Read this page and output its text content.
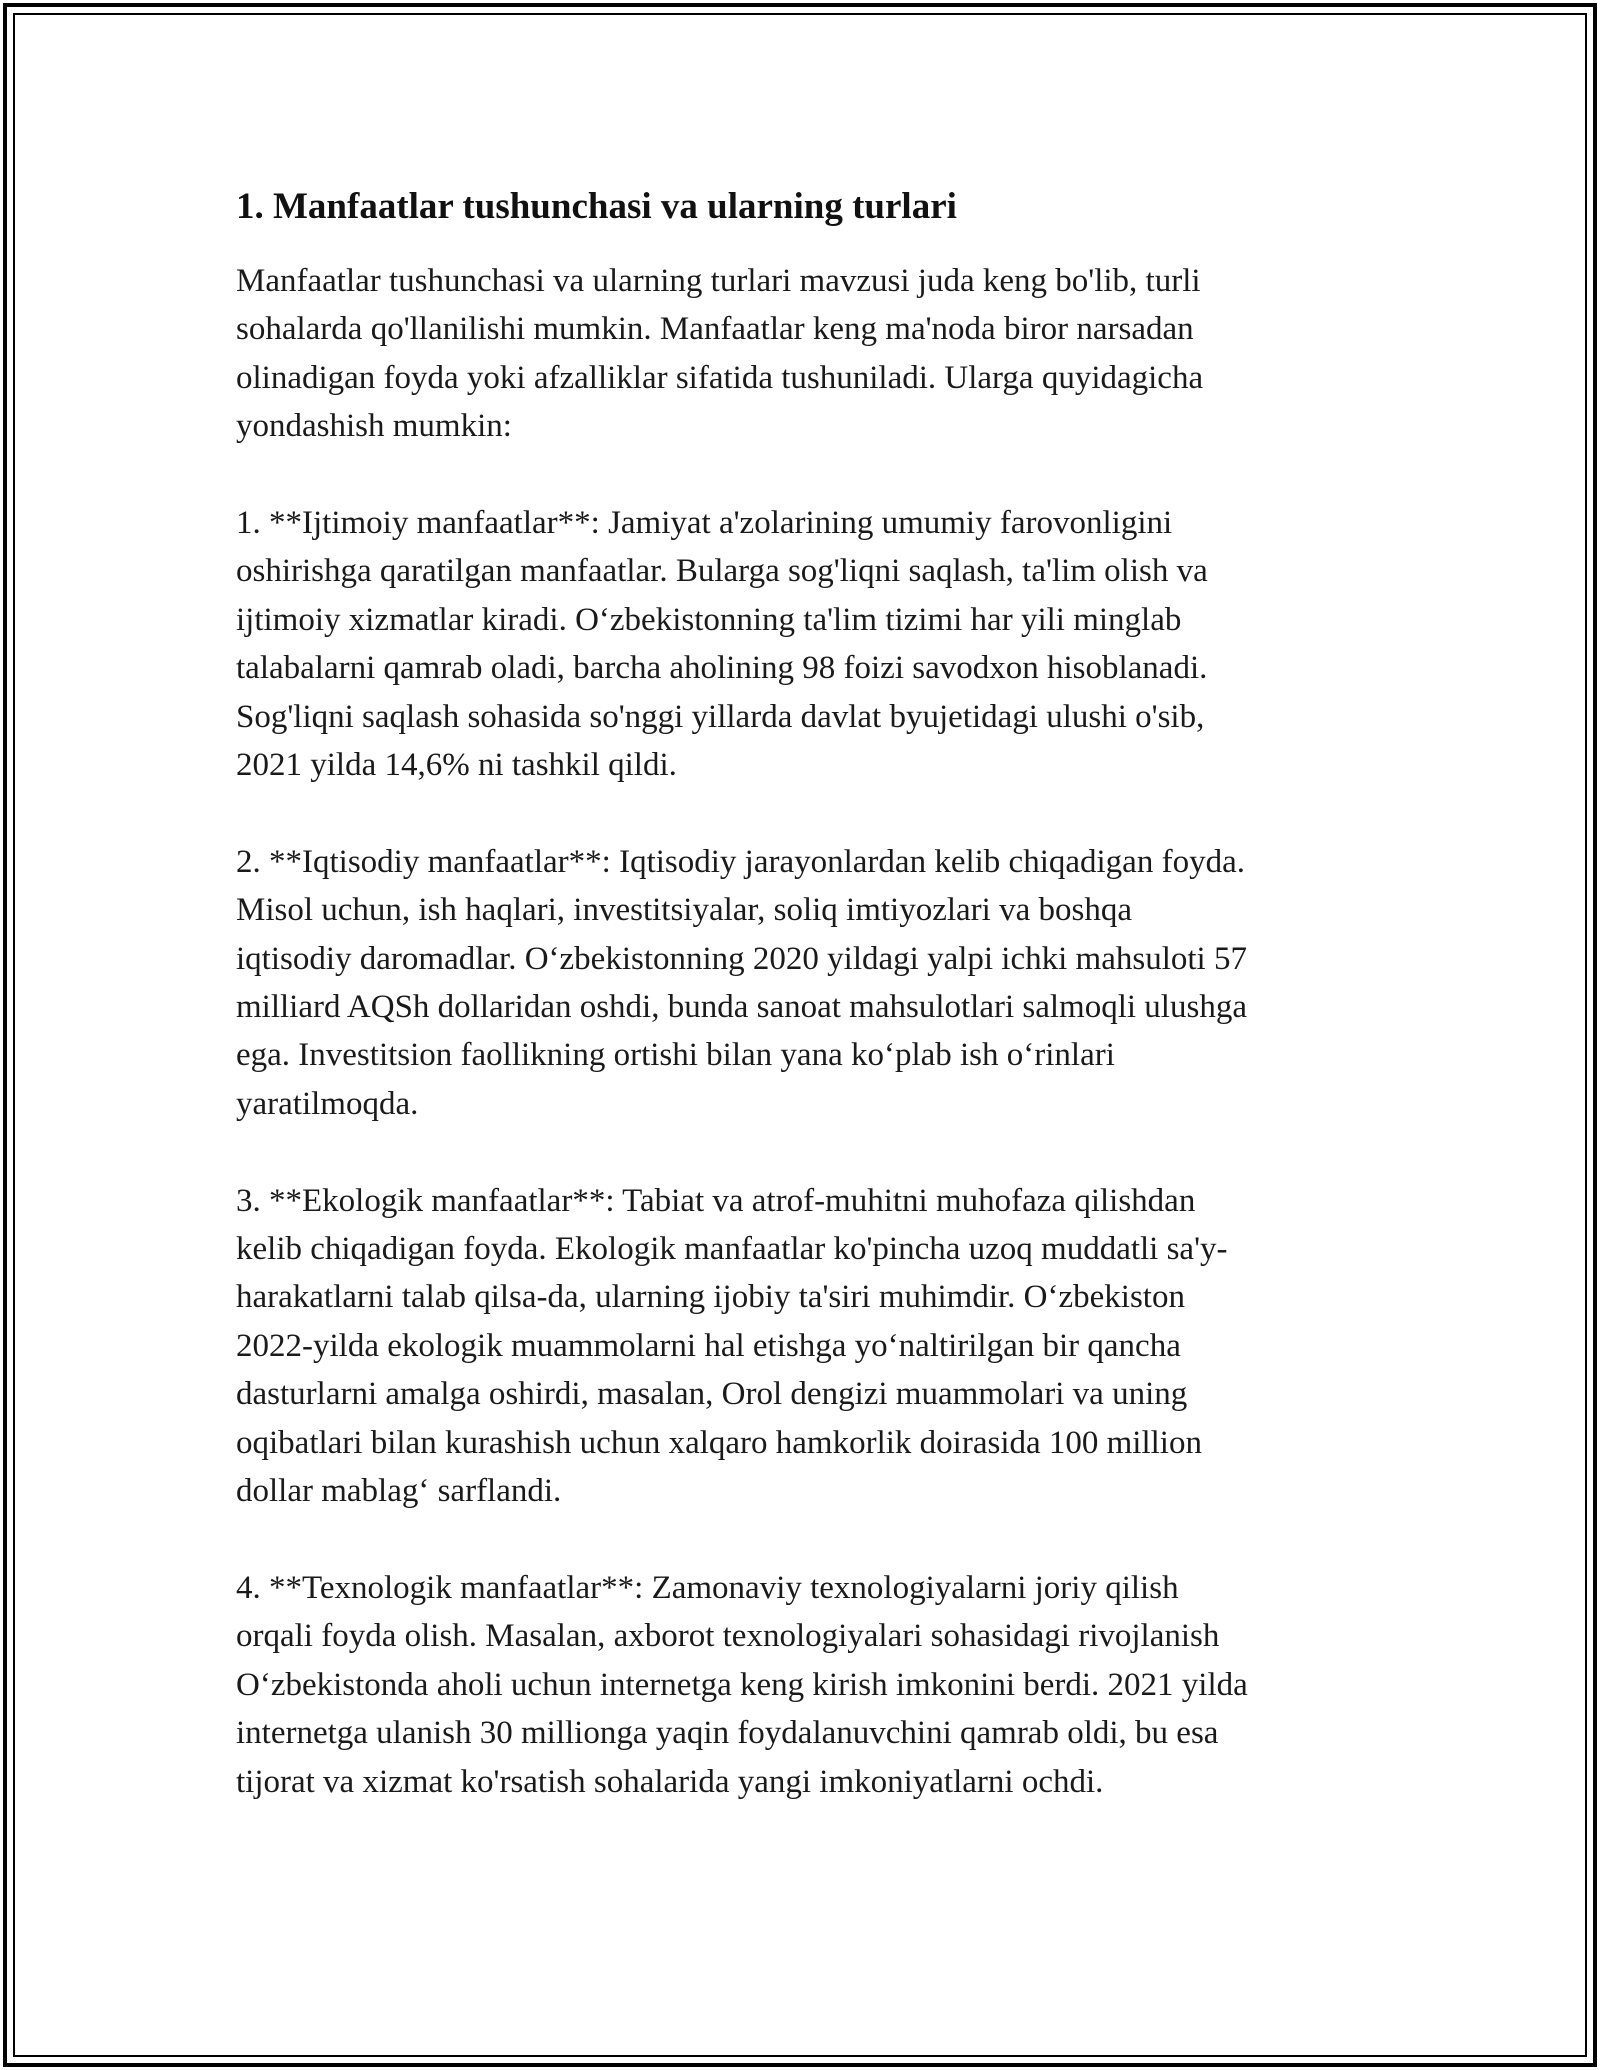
1. Manfaatlar tushunchasi va ularning turlari
Manfaatlar tushunchasi va ularning turlari mavzusi juda keng bo'lib, turli
sohalarda qo'llanilishi mumkin. Manfaatlar keng ma'noda biror narsadan
olinadigan foyda yoki afzalliklar sifatida tushuniladi. Ularga quyidagicha
yondashish mumkin:
1. **Ijtimoiy manfaatlar**: Jamiyat a'zolarining umumiy farovonligini
oshirishga qaratilgan manfaatlar. Bularga sog'liqni saqlash, ta'lim olish va
ijtimoiy xizmatlar kiradi. O‘zbekistonning ta'lim tizimi har yili minglab
talabalarni qamrab oladi, barcha aholining 98 foizi savodxon hisoblanadi.
Sog'liqni saqlash sohasida so'nggi yillarda davlat byujetidagi ulushi o'sib,
2021 yilda 14,6% ni tashkil qildi.
2. **Iqtisodiy manfaatlar**: Iqtisodiy jarayonlardan kelib chiqadigan foyda.
Misol uchun, ish haqlari, investitsiyalar, soliq imtiyozlari va boshqa
iqtisodiy daromadlar. O‘zbekistonning 2020 yildagi yalpi ichki mahsuloti 57
milliard AQSh dollaridan oshdi, bunda sanoat mahsulotlari salmoqli ulushga
ega. Investitsion faollikning ortishi bilan yana ko‘plab ish o‘rinlari
yaratilmoqda.
3. **Ekologik manfaatlar**: Tabiat va atrof-muhitni muhofaza qilishdan
kelib chiqadigan foyda. Ekologik manfaatlar ko'pincha uzoq muddatli sa'y-
harakatlarni talab qilsa-da, ularning ijobiy ta'siri muhimdir. O‘zbekiston
2022-yilda ekologik muammolarni hal etishga yo‘naltirilgan bir qancha
dasturlarni amalga oshirdi, masalan, Orol dengizi muammolari va uning
oqibatlari bilan kurashish uchun xalqaro hamkorlik doirasida 100 million
dollar mablag‘ sarflandi.
4. **Texnologik manfaatlar**: Zamonaviy texnologiyalarni joriy qilish
orqali foyda olish. Masalan, axborot texnologiyalari sohasidagi rivojlanish
O‘zbekistonda aholi uchun internetga keng kirish imkonini berdi. 2021 yilda
internetga ulanish 30 millionga yaqin foydalanuvchini qamrab oldi, bu esa
tijorat va xizmat ko'rsatish sohalarida yangi imkoniyatlarni ochdi.
